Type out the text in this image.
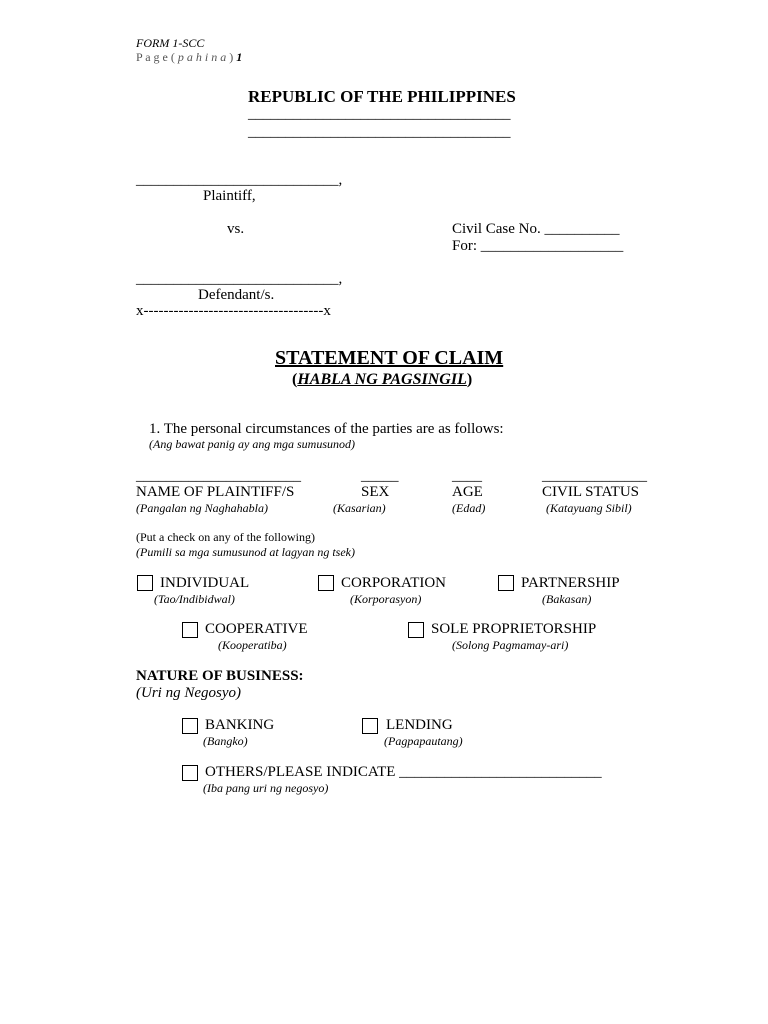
FORM 1-SCC
P a g e ( p a h i n a ) 1
REPUBLIC OF THE PHILIPPINES
___________________________________
___________________________________
___________________________,
Plaintiff,
vs.	Civil Case No. __________
For: ___________________
___________________________,
Defendant/s.
x------------------------------------x
STATEMENT OF CLAIM
(HABLA NG PAGSINGIL)
1. The personal circumstances of the parties are as follows:
(Ang bawat panig ay ang mga sumusunod)
______________________
NAME OF PLAINTIFF/S
(Pangalan ng Naghahabla)
_____
SEX
(Kasarian)
____
AGE
(Edad)
______________
CIVIL STATUS
(Katayuang Sibil)
(Put a check on any of the following)
(Pumili sa mga sumusunod at lagyan ng tsek)
INDIVIDUAL
(Tao/Indibidwal)
CORPORATION
(Korporasyon)
PARTNERSHIP
(Bakasan)
COOPERATIVE
(Kooperatiba)
SOLE PROPRIETORSHIP
(Solong Pagmamay-ari)
NATURE OF BUSINESS:
(Uri ng Negosyo)
BANKING
(Bangko)
LENDING
(Pagpapautang)
OTHERS/PLEASE INDICATE ___________________________
(Iba pang uri ng negosyo)
